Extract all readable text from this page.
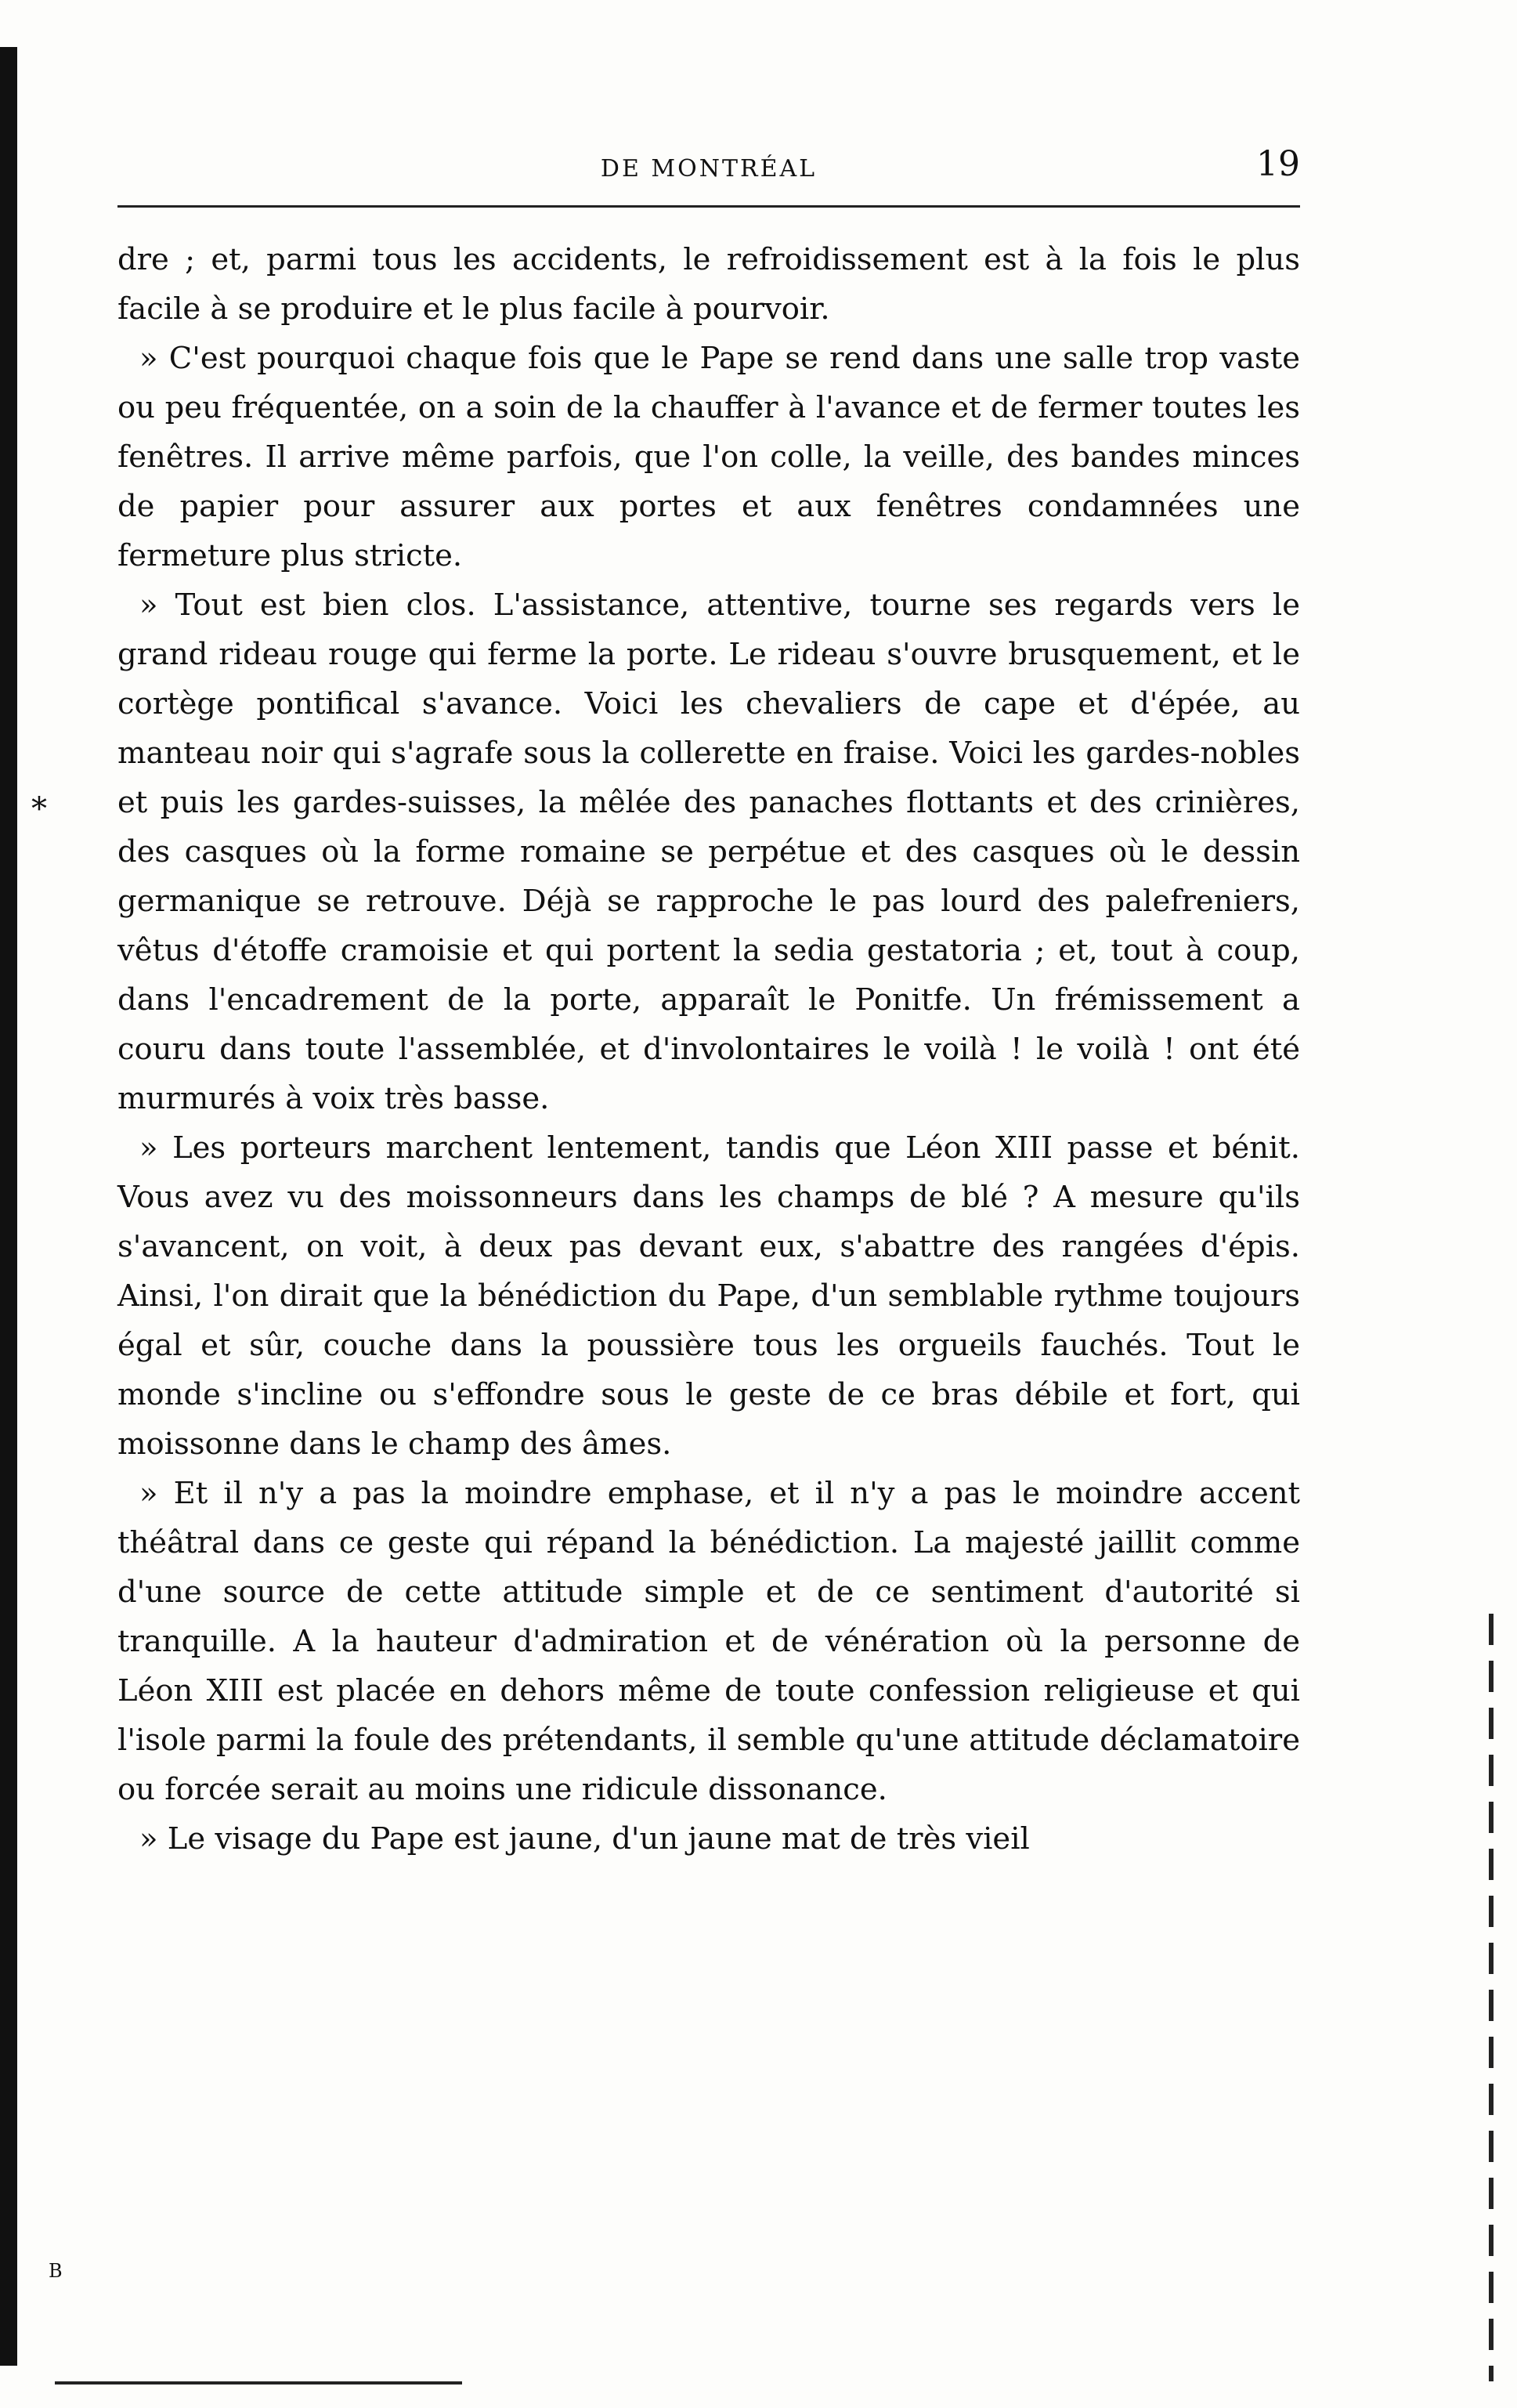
DE MONTRÉAL	19
*

dre ; et, parmi tous les accidents, le refroidissement est à la fois le plus facile à se produire et le plus facile à pourvoir.

» C'est pourquoi chaque fois que le Pape se rend dans une salle trop vaste ou peu fréquentée, on a soin de la chauffer à l'avance et de fermer toutes les fenêtres. Il arrive même parfois, que l'on colle, la veille, des bandes minces de papier pour assurer aux portes et aux fenêtres condamnées une fermeture plus stricte.

» Tout est bien clos. L'assistance, attentive, tourne ses regards vers le grand rideau rouge qui ferme la porte. Le rideau s'ouvre brusquement, et le cortège pontifical s'avance. Voici les chevaliers de cape et d'épée, au manteau noir qui s'agrafe sous la collerette en fraise. Voici les gardes-nobles et puis les gardes-suisses, la mêlée des panaches flottants et des crinières, des casques où la forme romaine se perpétue et des casques où le dessin germanique se retrouve. Déjà se rapproche le pas lourd des palefreniers, vêtus d'étoffe cramoisie et qui portent la sedia gestatoria ; et, tout à coup, dans l'encadrement de la porte, apparaît le Ponitfe. Un frémissement a couru dans toute l'assemblée, et d'involontaires le voilà ! le voilà ! ont été murmurés à voix très basse.

» Les porteurs marchent lentement, tandis que Léon XIII passe et bénit. Vous avez vu des moissonneurs dans les champs de blé ? A mesure qu'ils s'avancent, on voit, à deux pas devant eux, s'abattre des rangées d'épis. Ainsi, l'on dirait que la bénédiction du Pape, d'un semblable rythme toujours égal et sûr, couche dans la poussière tous les orgueils fauchés. Tout le monde s'incline ou s'effondre sous le geste de ce bras débile et fort, qui moissonne dans le champ des âmes.

» Et il n'y a pas la moindre emphase, et il n'y a pas le moindre accent théâtral dans ce geste qui répand la bénédiction. La majesté jaillit comme d'une source de cette attitude simple et de ce sentiment d'autorité si tranquille. A la hauteur d'admiration et de vénération où la personne de Léon XIII est placée en dehors même de toute confession religieuse et qui l'isole parmi la foule des prétendants, il semble qu'une attitude déclamatoire ou forcée serait au moins une ridicule dissonance.

» Le visage du Pape est jaune, d'un jaune mat de très vieil

B
